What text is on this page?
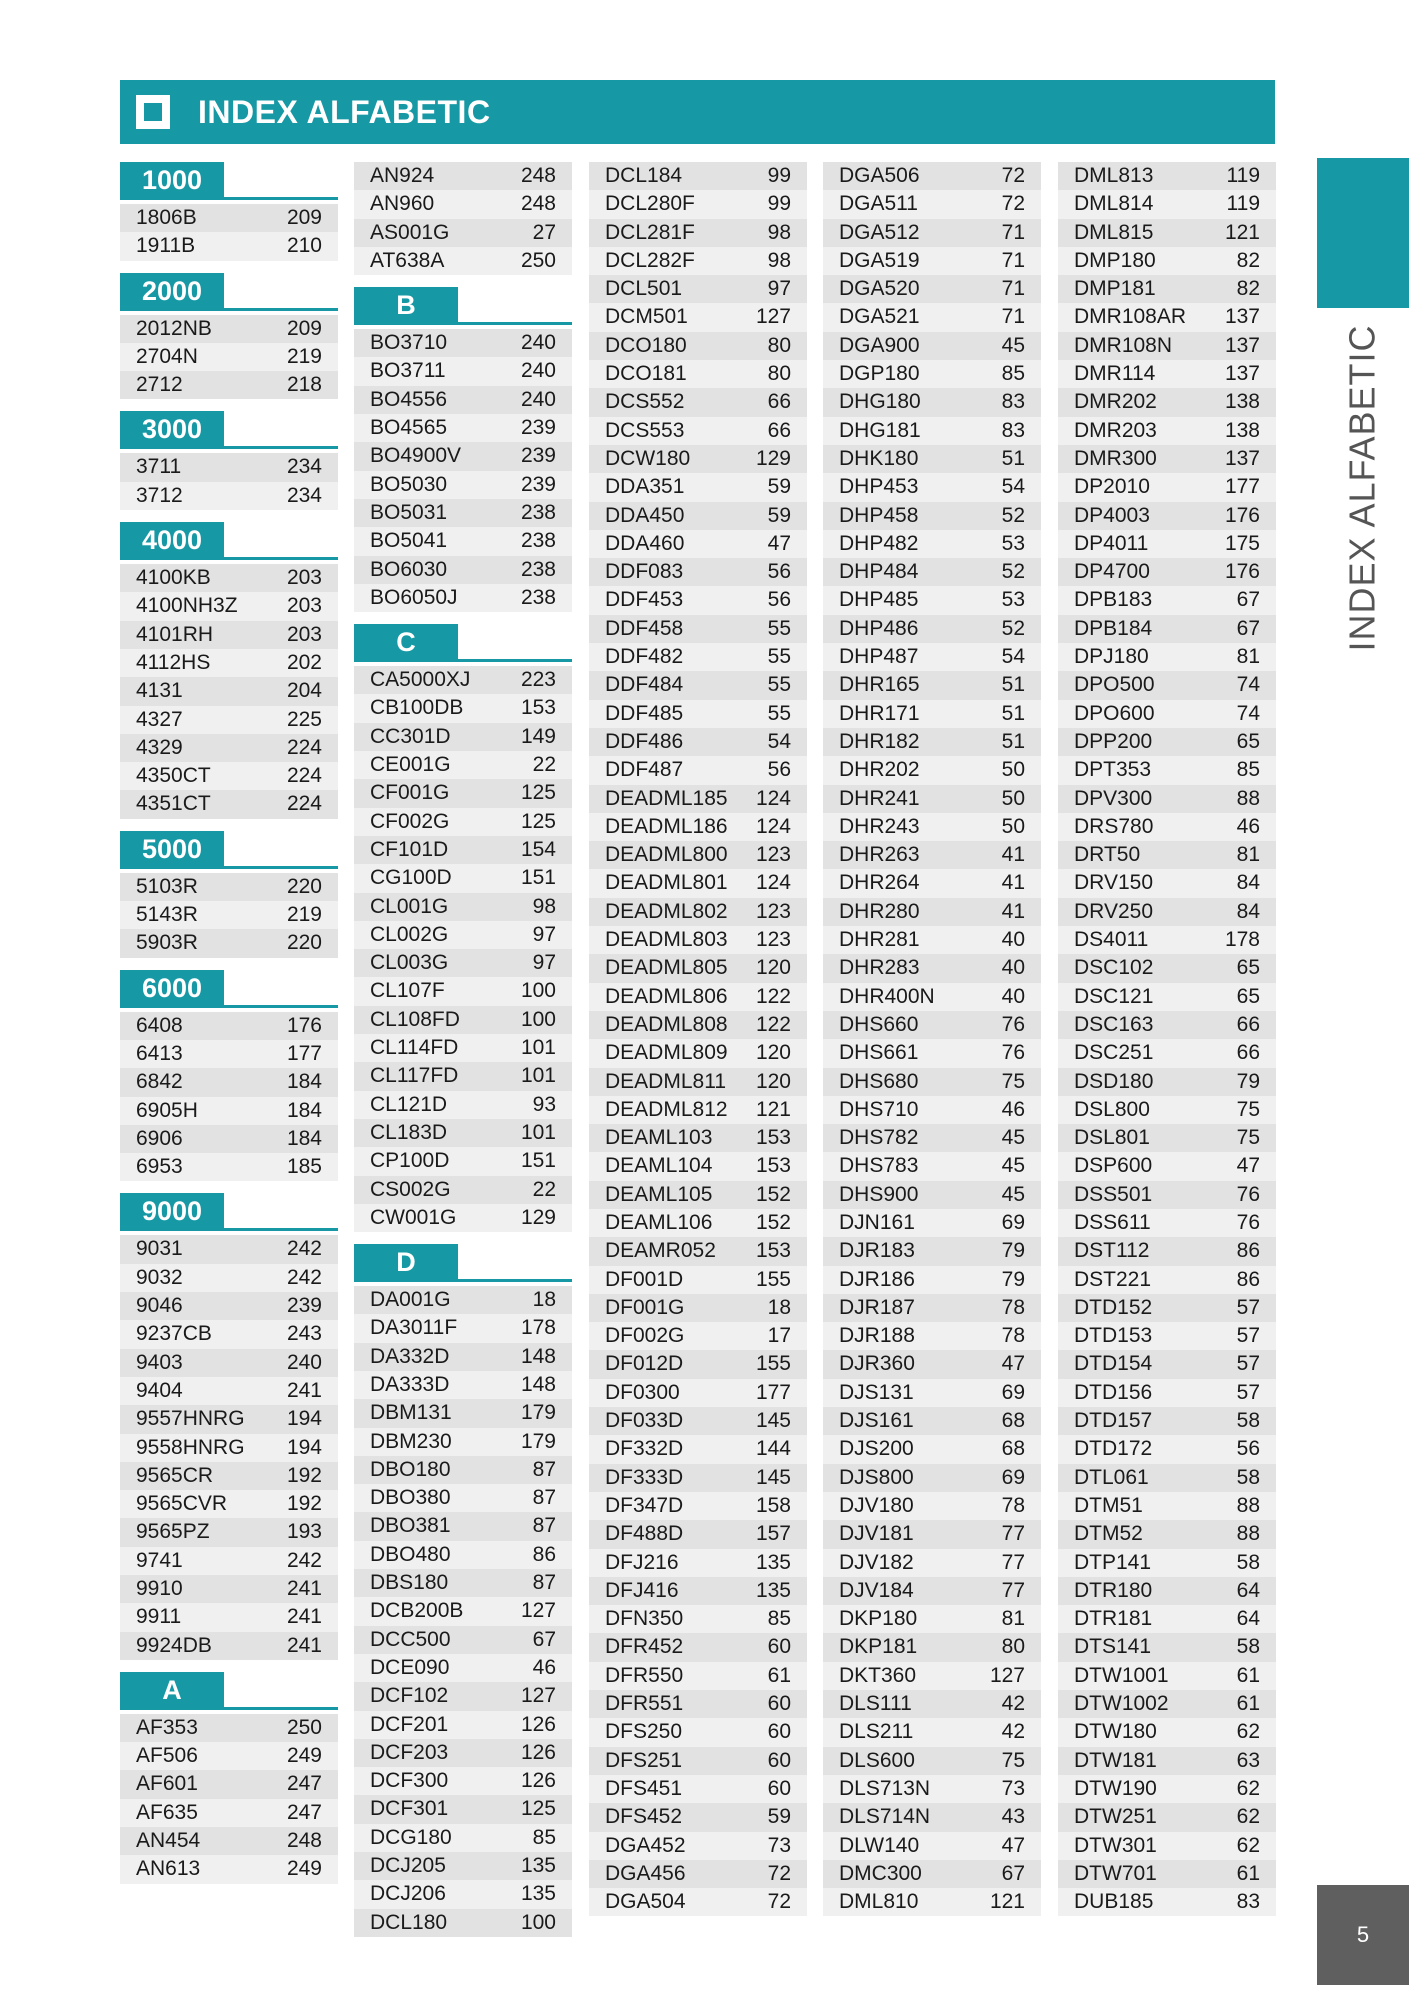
INDEX ALFABETIC
INDEX ALFABETIC
5
1000
1806B	209
1911B	210
2000
2012NB	209
2704N	219
2712	218
3000
3711	234
3712	234
4000
4100KB	203
4100NH3Z 203
4101RH	203
4112HS	202
4131	204
4327	225
4329	224
4350CT	224
4351CT	224
5000
5103R	220
5143R	219
5903R	220
6000
6408	176
6413	177
6842	184
6905H	184
6906	184
6953	185
9000
9031	242
9032	242
9046	239
9237CB	243
9403	240
9404	241
9557HNRG 194
9558HNRG 194
9565CR	192
9565CVR	192
9565PZ	193
9741	242
9910	241
9911	241
9924DB	241
A
AF353	250
AF506	249
AF601	247
AF635	247
AN454	248
AN613	249
AN924	248
AN960	248
AS001G	27
AT638A	250
B
BO3710	240
BO3711	240
BO4556	240
BO4565	239
BO4900V	239
BO5030	239
BO5031	238
BO5041	238
BO6030	238
BO6050J	238
C
CA5000XJ 223
CB100DB	153
CC301D	149
CE001G	22
CF001G	125
CF002G	125
CF101D	154
CG100D	151
CL001G	98
CL002G	97
CL003G	97
CL107F	100
CL108FD	100
CL114FD	101
CL117FD	101
CL121D	93
CL183D	101
CP100D	151
CS002G	22
CW001G	129
D
DA001G	18
DA3011F	178
DA332D	148
DA333D	148
DBM131	179
DBM230	179
DBO180	87
DBO380	87
DBO381	87
DBO480	86
DBS180	87
DCB200B	127
DCC500	67
DCE090	46
DCF102	127
DCF201	126
DCF203	126
DCF300	126
DCF301	125
DCG180	85
DCJ205	135
DCJ206	135
DCL180	100
DCL184	99
DCL280F	99
DCL281F	98
DCL282F	98
DCL501	97
DCM501	127
DCO180	80
DCO181	80
DCS552	66
DCS553	66
DCW180	129
DDA351	59
DDA450	59
DDA460	47
DDF083	56
DDF453	56
DDF458	55
DDF482	55
DDF484	55
DDF485	55
DDF486	54
DDF487	56
DEADML185 124
DEADML186 124
DEADML800 123
DEADML801 124
DEADML802 123
DEADML803 123
DEADML805 120
DEADML806 122
DEADML808 122
DEADML809 120
DEADML811 120
DEADML812 121
DEAML103 153
DEAML104 153
DEAML105 152
DEAML106 152
DEAMR052 153
DF001D	155
DF001G	18
DF002G	17
DF012D	155
DF0300	177
DF033D	145
DF332D	144
DF333D	145
DF347D	158
DF488D	157
DFJ216	135
DFJ416	135
DFN350	85
DFR452	60
DFR550	61
DFR551	60
DFS250	60
DFS251	60
DFS451	60
DFS452	59
DGA452	73
DGA456	72
DGA504	72
DGA506	72
DGA511	72
DGA512	71
DGA519	71
DGA520	71
DGA521	71
DGA900	45
DGP180	85
DHG180	83
DHG181	83
DHK180	51
DHP453	54
DHP458	52
DHP482	53
DHP484	52
DHP485	53
DHP486	52
DHP487	54
DHR165	51
DHR171	51
DHR182	51
DHR202	50
DHR241	50
DHR243	50
DHR263	41
DHR264	41
DHR280	41
DHR281	40
DHR283	40
DHR400N	40
DHS660	76
DHS661	76
DHS680	75
DHS710	46
DHS782	45
DHS783	45
DHS900	45
DJN161	69
DJR183	79
DJR186	79
DJR187	78
DJR188	78
DJR360	47
DJS131	69
DJS161	68
DJS200	68
DJS800	69
DJV180	78
DJV181	77
DJV182	77
DJV184	77
DKP180	81
DKP181	80
DKT360	127
DLS111	42
DLS211	42
DLS600	75
DLS713N	73
DLS714N	43
DLW140	47
DMC300	67
DML810	121
DML813	119
DML814	119
DML815	121
DMP180	82
DMP181	82
DMR108AR 137
DMR108N	137
DMR114	137
DMR202	138
DMR203	138
DMR300	137
DP2010	177
DP4003	176
DP4011	175
DP4700	176
DPB183	67
DPB184	67
DPJ180	81
DPO500	74
DPO600	74
DPP200	65
DPT353	85
DPV300	88
DRS780	46
DRT50	81
DRV150	84
DRV250	84
DS4011	178
DSC102	65
DSC121	65
DSC163	66
DSC251	66
DSD180	79
DSL800	75
DSL801	75
DSP600	47
DSS501	76
DSS611	76
DST112	86
DST221	86
DTD152	57
DTD153	57
DTD154	57
DTD156	57
DTD157	58
DTD172	56
DTL061	58
DTM51	88
DTM52	88
DTP141	58
DTR180	64
DTR181	64
DTS141	58
DTW1001	61
DTW1002	61
DTW180	62
DTW181	63
DTW190	62
DTW251	62
DTW301	62
DTW701	61
DUB185	83
